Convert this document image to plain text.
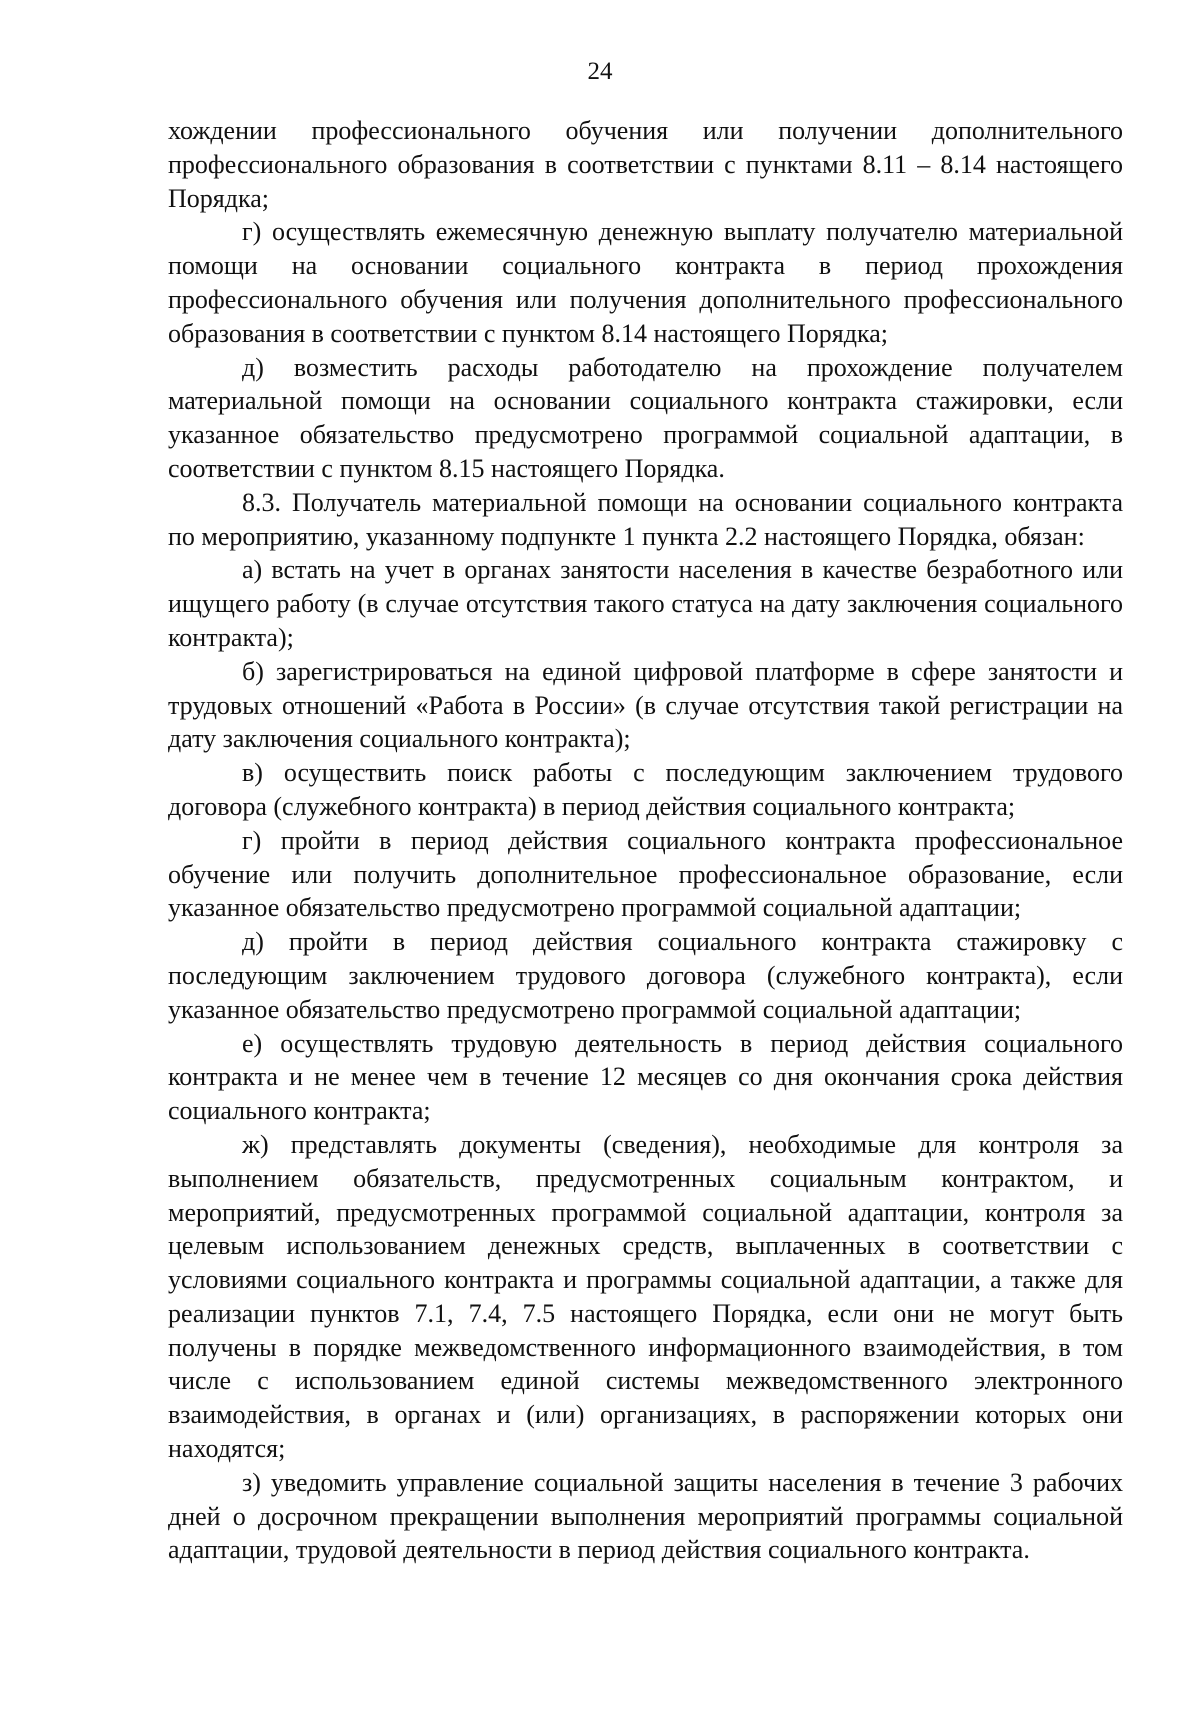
24

хождении профессионального обучения или получении дополнительного профессионального образования в соответствии с пунктами 8.11 – 8.14 настоящего Порядка;

г) осуществлять ежемесячную денежную выплату получателю материальной помощи на основании социального контракта в период прохождения профессионального обучения или получения дополнительного профессионального образования в соответствии с пунктом 8.14 настоящего Порядка;

д) возместить расходы работодателю на прохождение получателем материальной помощи на основании социального контракта стажировки, если указанное обязательство предусмотрено программой социальной адаптации, в соответствии с пунктом 8.15 настоящего Порядка.

8.3. Получатель материальной помощи на основании социального контракта по мероприятию, указанному подпункте 1 пункта 2.2 настоящего Порядка, обязан:

а) встать на учет в органах занятости населения в качестве безработного или ищущего работу (в случае отсутствия такого статуса на дату заключения социального контракта);

б) зарегистрироваться на единой цифровой платформе в сфере занятости и трудовых отношений «Работа в России» (в случае отсутствия такой регистрации на дату заключения социального контракта);

в) осуществить поиск работы с последующим заключением трудового договора (служебного контракта) в период действия социального контракта;

г) пройти в период действия социального контракта профессиональное обучение или получить дополнительное профессиональное образование, если указанное обязательство предусмотрено программой социальной адаптации;

д) пройти в период действия социального контракта стажировку с последующим заключением трудового договора (служебного контракта), если указанное обязательство предусмотрено программой социальной адаптации;

е) осуществлять трудовую деятельность в период действия социального контракта и не менее чем в течение 12 месяцев со дня окончания срока действия социального контракта;

ж) представлять документы (сведения), необходимые для контроля за выполнением обязательств, предусмотренных социальным контрактом, и мероприятий, предусмотренных программой социальной адаптации, контроля за целевым использованием денежных средств, выплаченных в соответствии с условиями социального контракта и программы социальной адаптации, а также для реализации пунктов 7.1, 7.4, 7.5 настоящего Порядка, если они не могут быть получены в порядке межведомственного информационного взаимодействия, в том числе с использованием единой системы межведомственного электронного взаимодействия, в органах и (или) организациях, в распоряжении которых они находятся;

з) уведомить управление социальной защиты населения в течение 3 рабочих дней о досрочном прекращении выполнения мероприятий программы социальной адаптации, трудовой деятельности в период действия социального контракта.
